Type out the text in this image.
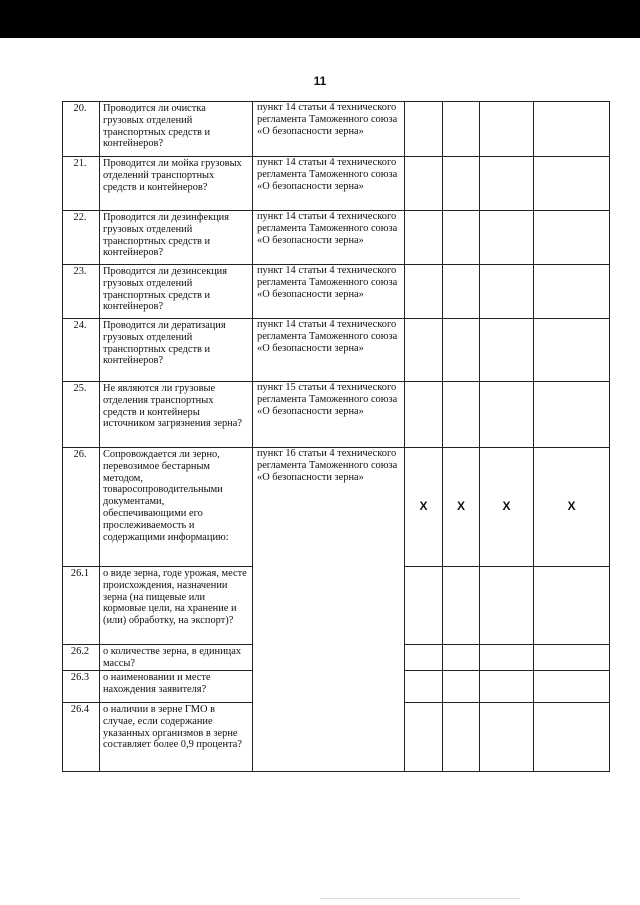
11
20.	Проводится ли очистка грузовых отделений транспортных средств и контейнеров?	пункт 14 статьи 4 технического регламента Таможенного союза «О безопасности зерна»				
21.	Проводится ли мойка грузовых отделений транспортных средств и контейнеров?	пункт 14 статьи 4 технического регламента Таможенного союза «О безопасности зерна»				
22.	Проводится ли дезинфекция грузовых отделений транспортных средств и контейнеров?	пункт 14 статьи 4 технического регламента Таможенного союза «О безопасности зерна»				
23.	Проводится ли дезинсекция грузовых отделений транспортных средств и контейнеров?	пункт 14 статьи 4 технического регламента Таможенного союза «О безопасности зерна»				
24.	Проводится ли дератизация грузовых отделений транспортных средств и контейнеров?	пункт 14 статьи 4 технического регламента Таможенного союза «О безопасности зерна»				
25.	Не являются ли грузовые отделения транспортных средств и контейнеры источником загрязнения зерна?	пункт 15 статьи 4 технического регламента Таможенного союза «О безопасности зерна»				
26.	Сопровождается ли зерно, перевозимое бестарным методом, товаросопроводительными документами, обеспечивающими его прослеживаемость и содержащими информацию:	пункт 16 статьи 4 технического регламента Таможенного союза «О безопасности зерна»	X	X	X	X
26.1	о виде зерна, годе урожая, месте происхождения, назначении зерна (на пищевые или кормовые цели, на хранение и (или) обработку, на экспорт)?					
26.2	о количестве зерна, в единицах массы?					
26.3	о наименовании и месте нахождения заявителя?					
26.4	о наличии в зерне ГМО в случае, если содержание указанных организмов в зерне составляет более 0,9 процента?					
